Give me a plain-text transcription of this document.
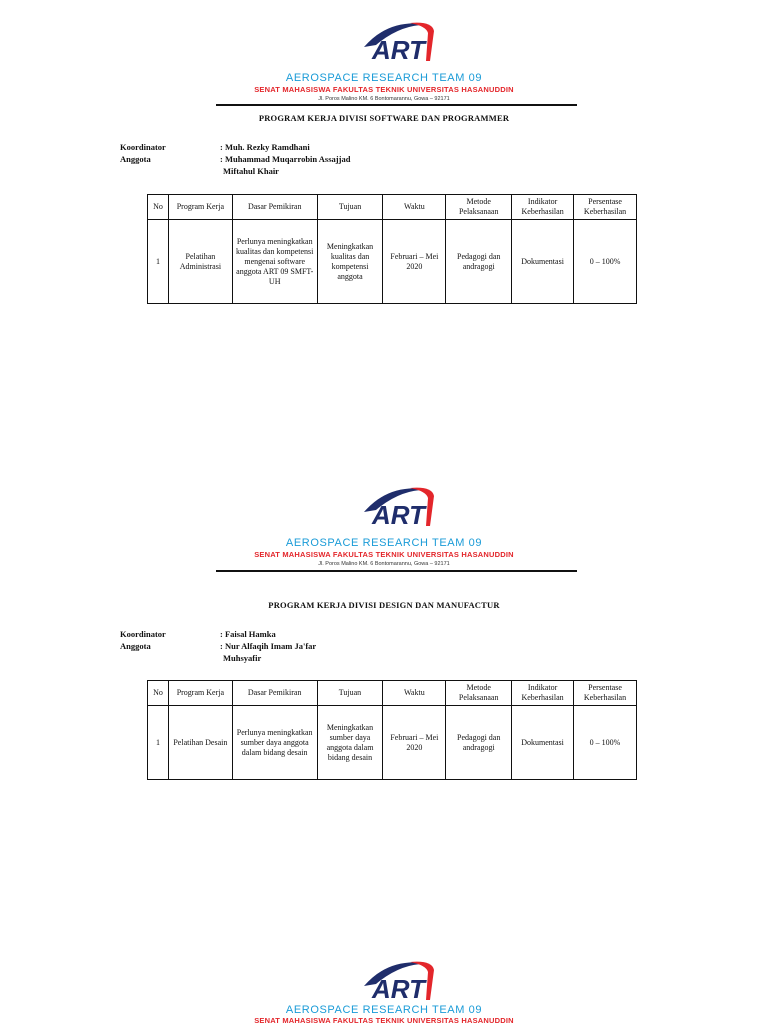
ART
AEROSPACE RESEARCH TEAM 09
SENAT MAHASISWA FAKULTAS TEKNIK UNIVERSITAS HASANUDDIN
Jl. Poros Malino KM. 6 Bontomarannu, Gowa – 92171
PROGRAM KERJA DIVISI SOFTWARE DAN PROGRAMMER
Koordinator	: Muh. Rezky Ramdhani
Anggota	: Muhammad Muqarrobin Assajjad
Miftahul Khair
No	Program Kerja	Dasar Pemikiran	Tujuan	Waktu	Metode Pelaksanaan	Indikator Keberhasilan	Persentase Keberhasilan
1	Pelatihan Administrasi	Perlunya meningkatkan kualitas dan kompetensi mengenai software anggota ART 09 SMFT-UH	Meningkatkan kualitas dan kompetensi anggota	Februari – Mei 2020	Pedagogi dan andragogi	Dokumentasi	0 – 100%
ART
AEROSPACE RESEARCH TEAM 09
SENAT MAHASISWA FAKULTAS TEKNIK UNIVERSITAS HASANUDDIN
Jl. Poros Malino KM. 6 Bontomarannu, Gowa – 92171
PROGRAM KERJA DIVISI DESIGN DAN MANUFACTUR
Koordinator	: Faisal Hamka
Anggota	: Nur Alfaqih Imam Ja'far
Muhsyafir
No	Program Kerja	Dasar Pemikiran	Tujuan	Waktu	Metode Pelaksanaan	Indikator Keberhasilan	Persentase Keberhasilan
1	Pelatihan Desain	Perlunya meningkatkan sumber daya anggota dalam bidang desain	Meningkatkan sumber daya anggota dalam bidang desain	Februari – Mei 2020	Pedagogi dan andragogi	Dokumentasi	0 – 100%
ART
AEROSPACE RESEARCH TEAM 09
SENAT MAHASISWA FAKULTAS TEKNIK UNIVERSITAS HASANUDDIN
